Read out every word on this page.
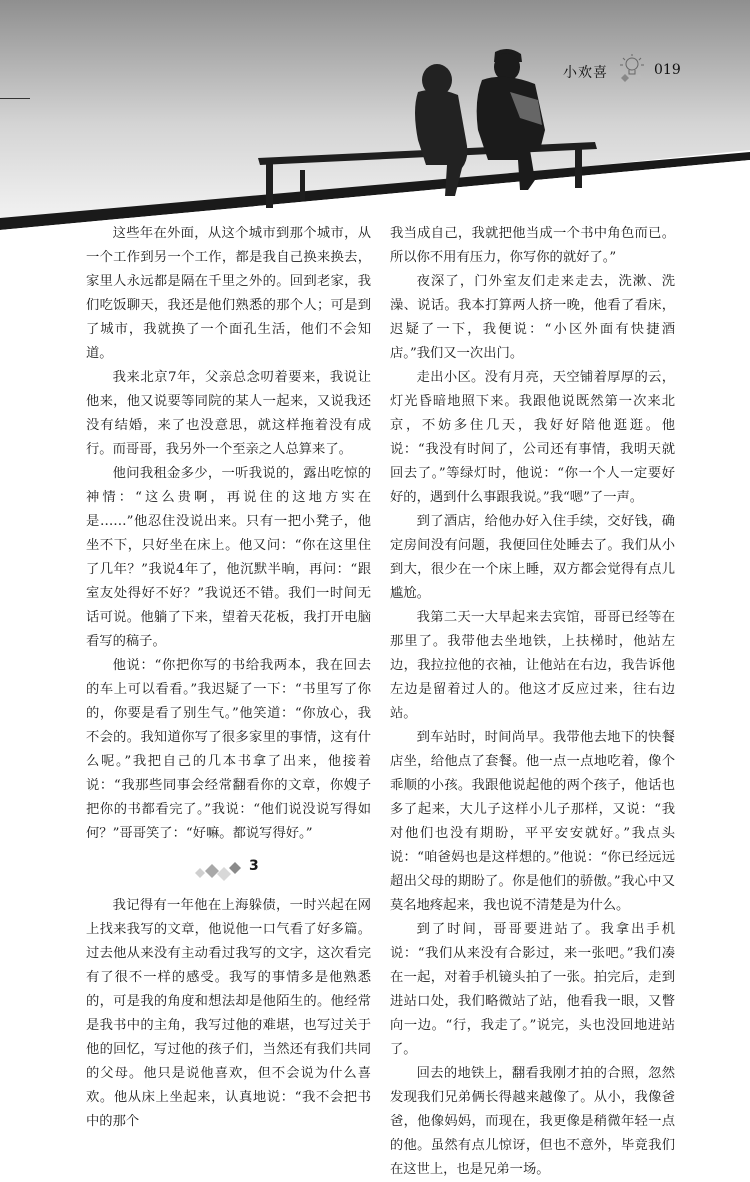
小欢喜	019

这些年在外面，从这个城市到那个城市，从一个工作到另一个工作，都是我自己换来换去，家里人永远都是隔在千里之外的。回到老家，我们吃饭聊天，我还是他们熟悉的那个人；可是到了城市，我就换了一个面孔生活，他们不会知道。

我来北京7年，父亲总念叨着要来，我说让他来，他又说要等同院的某人一起来，又说我还没有结婚，来了也没意思，就这样拖着没有成行。而哥哥，我另外一个至亲之人总算来了。

他问我租金多少，一听我说的，露出吃惊的神情：“这么贵啊，再说住的这地方实在是……”他忍住没说出来。只有一把小凳子，他坐不下，只好坐在床上。他又问：“你在这里住了几年？”我说4年了，他沉默半晌，再问：“跟室友处得好不好？”我说还不错。我们一时间无话可说。他躺了下来，望着天花板，我打开电脑看写的稿子。

他说：“你把你写的书给我两本，我在回去的车上可以看看。”我迟疑了一下：“书里写了你的，你要是看了别生气。”他笑道：“你放心，我不会的。我知道你写了很多家里的事情，这有什么呢。”我把自己的几本书拿了出来，他接着说：“我那些同事会经常翻看你的文章，你嫂子把你的书都看完了。”我说：“他们说没说写得如何？”哥哥笑了：“好嘛。都说写得好。”

3

我记得有一年他在上海躲债，一时兴起在网上找来我写的文章，他说他一口气看了好多篇。过去他从来没有主动看过我写的文字，这次看完有了很不一样的感受。我写的事情多是他熟悉的，可是我的角度和想法却是他陌生的。他经常是我书中的主角，我写过他的难堪，也写过关于他的回忆，写过他的孩子们，当然还有我们共同的父母。他只是说他喜欢，但不会说为什么喜欢。他从床上坐起来，认真地说：“我不会把书中的那个

我当成自己，我就把他当成一个书中角色而已。所以你不用有压力，你写你的就好了。”

夜深了，门外室友们走来走去，洗漱、洗澡、说话。我本打算两人挤一晚，他看了看床，迟疑了一下，我便说：“小区外面有快捷酒店。”我们又一次出门。

走出小区。没有月亮，天空铺着厚厚的云，灯光昏暗地照下来。我跟他说既然第一次来北京，不妨多住几天，我好好陪他逛逛。他说：“我没有时间了，公司还有事情，我明天就回去了。”等绿灯时，他说：“你一个人一定要好好的，遇到什么事跟我说。”我“嗯”了一声。

到了酒店，给他办好入住手续，交好钱，确定房间没有问题，我便回住处睡去了。我们从小到大，很少在一个床上睡，双方都会觉得有点儿尴尬。

我第二天一大早起来去宾馆，哥哥已经等在那里了。我带他去坐地铁，上扶梯时，他站左边，我拉拉他的衣袖，让他站在右边，我告诉他左边是留着过人的。他这才反应过来，往右边站。

到车站时，时间尚早。我带他去地下的快餐店坐，给他点了套餐。他一点一点地吃着，像个乖顺的小孩。我跟他说起他的两个孩子，他话也多了起来，大儿子这样小儿子那样，又说：“我对他们也没有期盼，平平安安就好。”我点头说：“咱爸妈也是这样想的。”他说：“你已经远远超出父母的期盼了。你是他们的骄傲。”我心中又莫名地疼起来，我也说不清楚是为什么。

到了时间，哥哥要进站了。我拿出手机说：“我们从来没有合影过，来一张吧。”我们凑在一起，对着手机镜头拍了一张。拍完后，走到进站口处，我们略微站了站，他看我一眼，又瞥向一边。“行，我走了。”说完，头也没回地进站了。

回去的地铁上，翻看我刚才拍的合照，忽然发现我们兄弟俩长得越来越像了。从小，我像爸爸，他像妈妈，而现在，我更像是稍微年轻一点的他。虽然有点儿惊讶，但也不意外，毕竟我们在这世上，也是兄弟一场。
